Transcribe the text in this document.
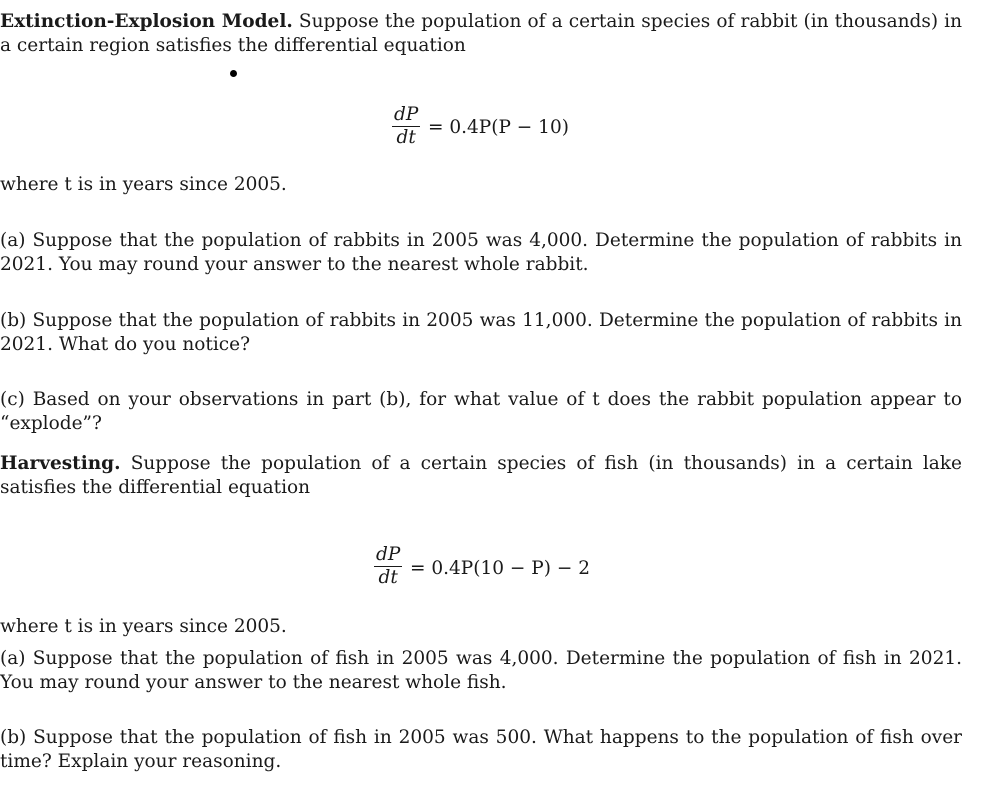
Extinction-Explosion Model. Suppose the population of a certain species of rabbit (in thousands) in a certain region satisfies the differential equation

$\frac{dP}{dt} = 0.4P(P - 10)$

where t is in years since 2005.

(a) Suppose that the population of rabbits in 2005 was 4,000. Determine the population of rabbits in 2021. You may round your answer to the nearest whole rabbit.

(b) Suppose that the population of rabbits in 2005 was 11,000. Determine the population of rabbits in 2021. What do you notice?

(c) Based on your observations in part (b), for what value of t does the rabbit population appear to “explode”?

Harvesting. Suppose the population of a certain species of fish (in thousands) in a certain lake satisfies the differential equation

$\frac{dP}{dt} = 0.4P(10 - P) - 2$

where t is in years since 2005.

(a) Suppose that the population of fish in 2005 was 4,000. Determine the population of fish in 2021. You may round your answer to the nearest whole fish.

(b) Suppose that the population of fish in 2005 was 500. What happens to the population of fish over time? Explain your reasoning.
